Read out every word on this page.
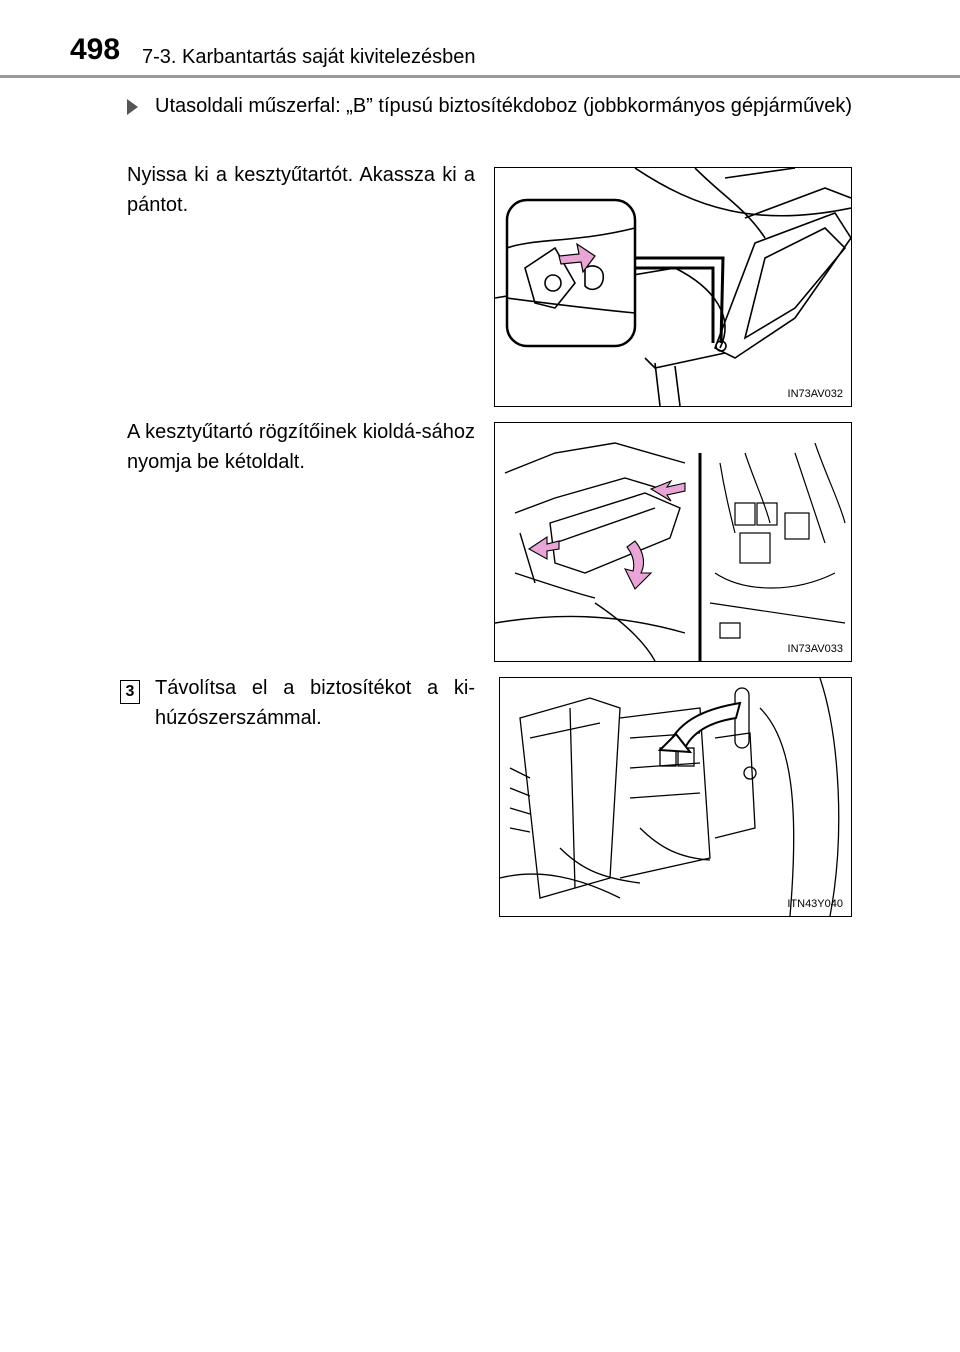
498 7-3. Karbantartás saját kivitelezésben
Utasoldali műszerfal: „B” típusú biztosítékdoboz (jobbkormányos gépjárművek)
Nyissa ki a kesztyűtartót. Akassza ki a pántot.
IN73AV032
A kesztyűtartó rögzítőinek kioldá-sához nyomja be kétoldalt.
IN73AV033
3 Távolítsa el a biztosítékot a ki-húzószerszámmal.
ITN43Y040
